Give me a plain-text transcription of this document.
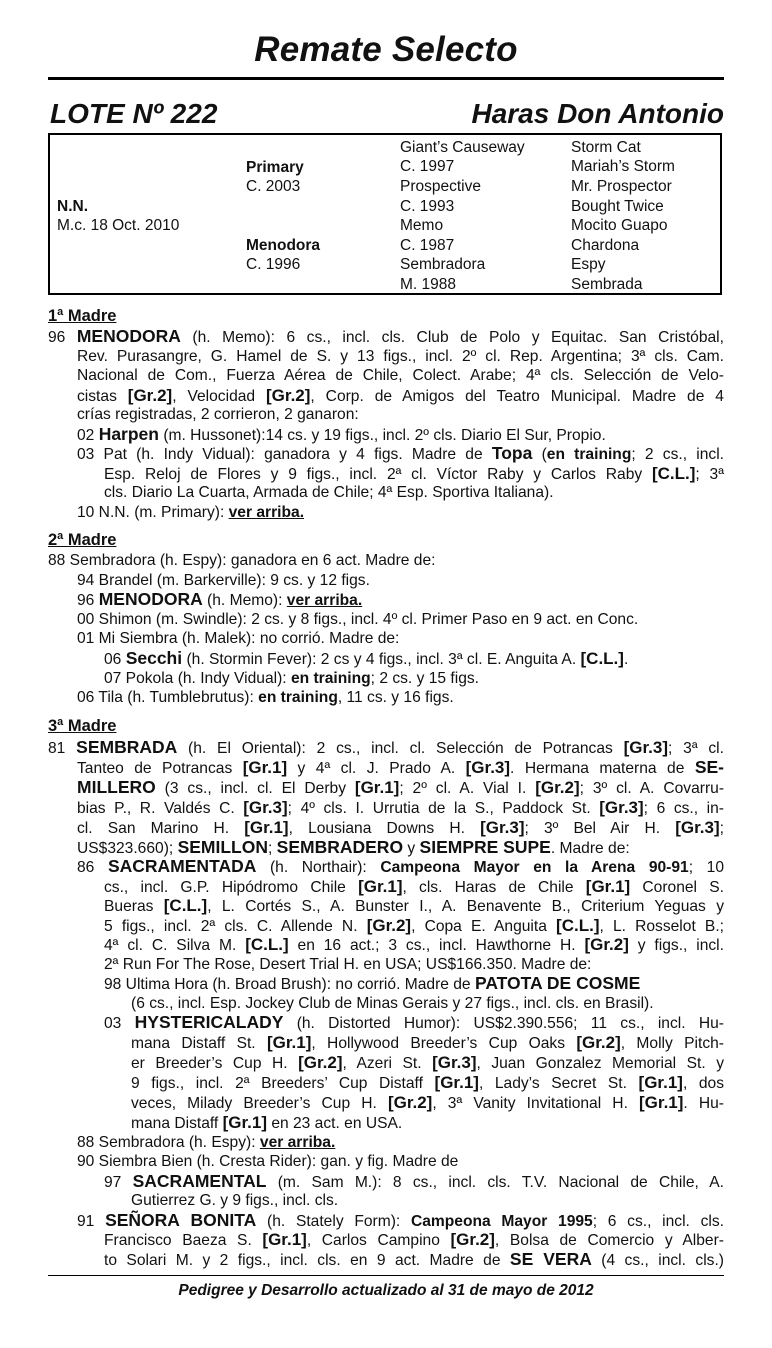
Remate Selecto
LOTE Nº 222	Haras Don Antonio
N.N.
M.c. 18 Oct. 2010
Primary
C. 2003
Menodora
C. 1996
Giant’s Causeway
C. 1997
Prospective
C. 1993
Memo
C. 1987
Sembradora
M. 1988
Storm Cat
Mariah’s Storm
Mr. Prospector
Bought Twice
Mocito Guapo
Chardona
Espy
Sembrada
1ª Madre
96 MENODORA (h. Memo): 6 cs., incl. cls. Club de Polo y Equitac. San Cristóbal,
Rev. Purasangre, G. Hamel de S. y 13 figs., incl. 2º cl. Rep. Argentina; 3ª cls. Cam.
Nacional de Com., Fuerza Aérea de Chile, Colect. Arabe; 4ª cls. Selección de Velo-
cistas [Gr.2], Velocidad [Gr.2], Corp. de Amigos del Teatro Municipal. Madre de 4
crías registradas, 2 corrieron, 2 ganaron:
02 Harpen (m. Hussonet):14 cs. y 19 figs., incl. 2º cls. Diario El Sur, Propio.
03 Pat (h. Indy Vidual): ganadora y 4 figs. Madre de Topa (en training; 2 cs., incl.
Esp. Reloj de Flores y 9 figs., incl. 2ª cl. Víctor Raby y Carlos Raby [C.L.]; 3ª
cls. Diario La Cuarta, Armada de Chile; 4ª Esp. Sportiva Italiana).
10 N.N. (m. Primary): ver arriba.
2ª Madre
88 Sembradora (h. Espy): ganadora en 6 act. Madre de:
94 Brandel (m. Barkerville): 9 cs. y 12 figs.
96 MENODORA (h. Memo): ver arriba.
00 Shimon (m. Swindle): 2 cs. y 8 figs., incl. 4º cl. Primer Paso en 9 act. en Conc.
01 Mi Siembra (h. Malek): no corrió. Madre de:
06 Secchi (h. Stormin Fever): 2 cs y 4 figs., incl. 3ª cl. E. Anguita A. [C.L.].
07 Pokola (h. Indy Vidual): en training; 2 cs. y 15 figs.
06 Tila (h. Tumblebrutus): en training, 11 cs. y 16 figs.
3ª Madre
81 SEMBRADA (h. El Oriental): 2 cs., incl. cl. Selección de Potrancas [Gr.3]; 3ª cl.
Tanteo de Potrancas [Gr.1] y 4ª cl. J. Prado A. [Gr.3]. Hermana materna de SE-
MILLERO (3 cs., incl. cl. El Derby [Gr.1]; 2º cl. A. Vial I. [Gr.2]; 3º cl. A. Covarru-
bias P., R. Valdés C. [Gr.3]; 4º cls. I. Urrutia de la S., Paddock St. [Gr.3]; 6 cs., in-
cl. San Marino H. [Gr.1], Lousiana Downs H. [Gr.3]; 3º Bel Air H. [Gr.3];
US$323.660); SEMILLON; SEMBRADERO y SIEMPRE SUPE. Madre de:
86 SACRAMENTADA (h. Northair): Campeona Mayor en la Arena 90-91; 10
cs., incl. G.P. Hipódromo Chile [Gr.1], cls. Haras de Chile [Gr.1] Coronel S.
Bueras [C.L.], L. Cortés S., A. Bunster I., A. Benavente B., Criterium Yeguas y
5 figs., incl. 2ª cls. C. Allende N. [Gr.2], Copa E. Anguita [C.L.], L. Rosselot B.;
4ª cl. C. Silva M. [C.L.] en 16 act.; 3 cs., incl. Hawthorne H. [Gr.2] y figs., incl.
2ª Run For The Rose, Desert Trial H. en USA; US$166.350. Madre de:
98 Ultima Hora (h. Broad Brush): no corrió. Madre de PATOTA DE COSME
(6 cs., incl. Esp. Jockey Club de Minas Gerais y 27 figs., incl. cls. en Brasil).
03 HYSTERICALADY (h. Distorted Humor): US$2.390.556; 11 cs., incl. Hu-
mana Distaff St. [Gr.1], Hollywood Breeder’s Cup Oaks [Gr.2], Molly Pitch-
er Breeder’s Cup H. [Gr.2], Azeri St. [Gr.3], Juan Gonzalez Memorial St. y
9 figs., incl. 2ª Breeders’ Cup Distaff [Gr.1], Lady’s Secret St. [Gr.1], dos
veces, Milady Breeder’s Cup H. [Gr.2], 3ª Vanity Invitational H. [Gr.1]. Hu-
mana Distaff [Gr.1] en 23 act. en USA.
88 Sembradora (h. Espy): ver arriba.
90 Siembra Bien (h. Cresta Rider): gan. y fig. Madre de
97 SACRAMENTAL (m. Sam M.): 8 cs., incl. cls. T.V. Nacional de Chile, A.
Gutierrez G. y 9 figs., incl. cls.
91 SEÑORA BONITA (h. Stately Form): Campeona Mayor 1995; 6 cs., incl. cls.
Francisco Baeza S. [Gr.1], Carlos Campino [Gr.2], Bolsa de Comercio y Alber-
to Solari M. y 2 figs., incl. cls. en 9 act. Madre de SE VERA (4 cs., incl. cls.)
Pedigree y Desarrollo actualizado al 31 de mayo de 2012
